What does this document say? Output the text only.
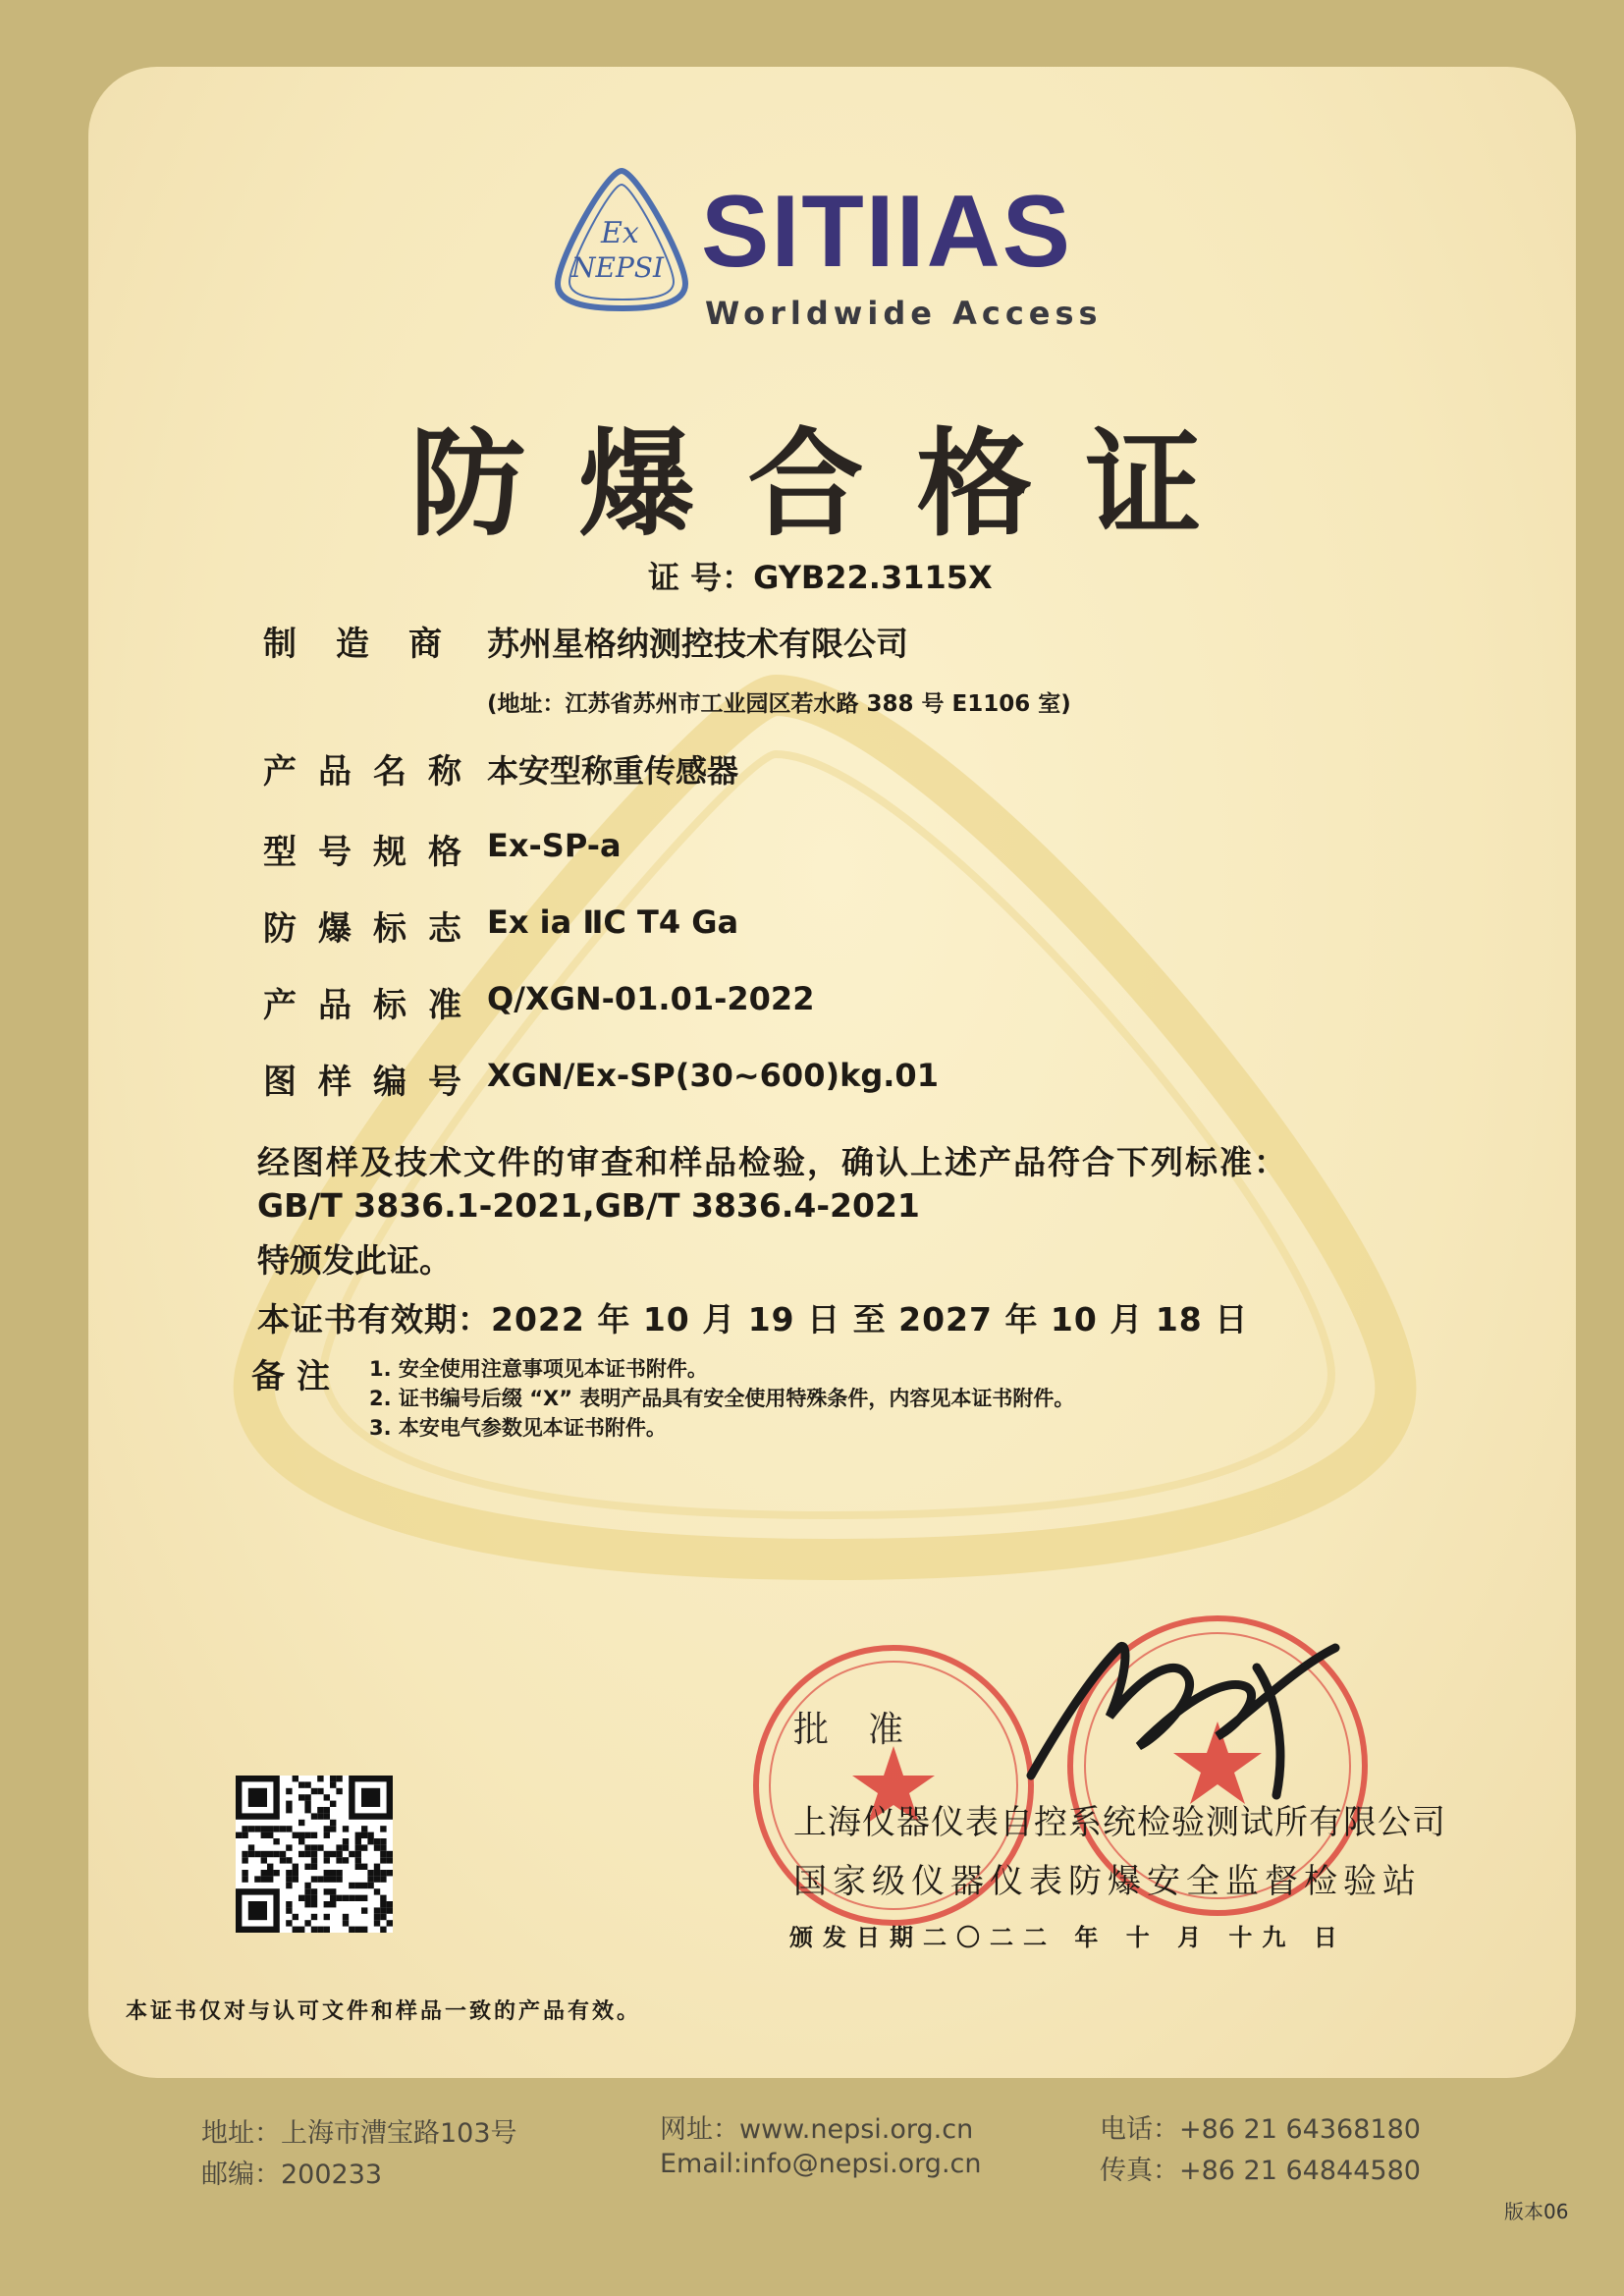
Ex
NEPSI SITIIAS
Worldwide Access
防爆合格证
证 号：GYB22.3115X
制造商 苏州星格纳测控技术有限公司
(地址：江苏省苏州市工业园区若水路 388 号 E1106 室)
产品名称 本安型称重传感器
型号规格 Ex-SP-a
防爆标志 Ex ia ⅡC T4 Ga
产品标准 Q/XGN-01.01-2022
图样编号 XGN/Ex-SP(30~600)kg.01
经图样及技术文件的审查和样品检验，确认上述产品符合下列标准：
GB/T 3836.1-2021,GB/T 3836.4-2021
特颁发此证。
本证书有效期：2022 年 10 月 19 日 至 2027 年 10 月 18 日
备注 1. 安全使用注意事项见本证书附件。
2. 证书编号后缀 “X” 表明产品具有安全使用特殊条件，内容见本证书附件。
3. 本安电气参数见本证书附件。
批准
上海仪器仪表自控系统检验测试所有限公司
国家级仪器仪表防爆安全监督检验站
颁发日期二〇二二 年 十 月 十九 日
本证书仅对与认可文件和样品一致的产品有效。
地址：上海市漕宝路103号
邮编：200233
网址：www.nepsi.org.cn
Email:info@nepsi.org.cn
电话：+86 21 64368180
传真：+86 21 64844580
版本06
